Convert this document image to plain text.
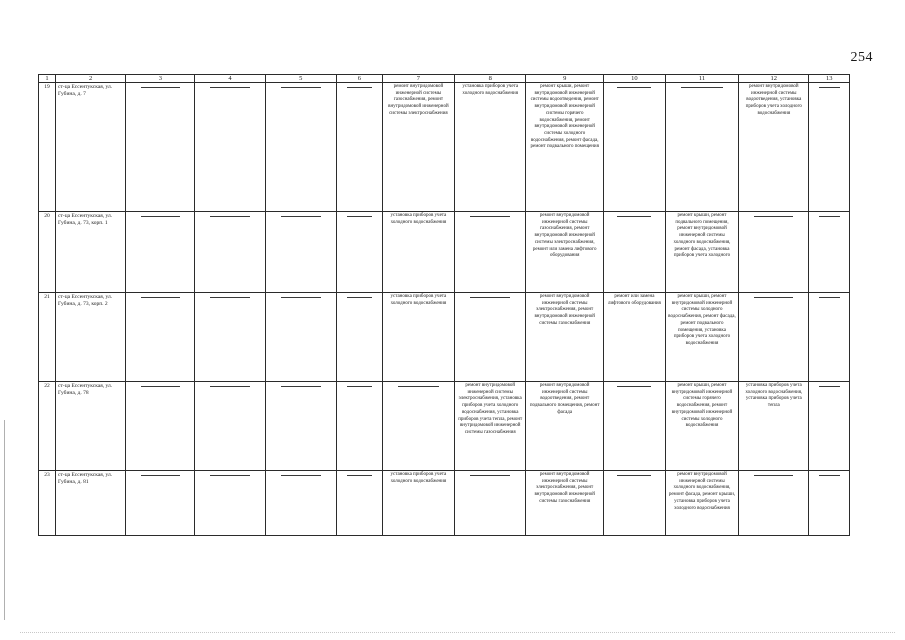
254
1	2	3	4	5	6	7	8	9	10	11	12	13
19	ст-ца Ессентукская, ул. Губина, д. 7					ремонт внутридомовой инженерной системы газоснабжения, ремонт внутридомовой инженерной системы электроснабжения	установка приборов учета холодного водоснабжения	ремонт крыши, ремонт внутридомовой инженерной системы водоотведения, ремонт внутридомовой инженерной системы горячего водоснабжения, ремонт внутридомовой инженерной системы холодного водоснабжения, ремонт фасада, ремонт подвального помещения			ремонт внутридомовой инженерной системы водоотведения, установка приборов учета холодного водоснабжения	

20	ст-ца Ессентукская, ул. Губина, д. 73, корп. 1					установка приборов учета холодного водоснабжения		ремонт внутридомовой инженерной системы газоснабжения, ремонт внутридомовой инженерной системы электроснабжения, ремонт или замена лифтового оборудования		ремонт крыши, ремонт подвального помещения, ремонт внутридомовой инженерной системы холодного водоснабжения, ремонт фасада, установка приборов учета холодного	

21	ст-ца Ессентукская, ул. Губина, д. 73, корп. 2					установка приборов учета холодного водоснабжения		ремонт внутридомовой инженерной системы электроснабжения, ремонт внутридомовой инженерной системы газоснабжения	ремонт или замена лифтового оборудования	ремонт крыши, ремонт внутридомовой инженерной системы холодного водоснабжения, ремонт фасада, ремонт подвального помещения, установка приборов учета холодного водоснабжения	

22	ст-ца Ессентукская, ул. Губина, д. 78						ремонт внутридомовой инженерной системы электроснабжения, установка приборов учета холодного водоснабжения, установка приборов учета тепла, ремонт внутридомовой инженерной системы газоснабжения	ремонт внутридомовой инженерной системы водоотведения, ремонт подвального помещения, ремонт фасада		ремонт крыши, ремонт внутридомовой инженерной системы горячего водоснабжения, ремонт внутридомовой инженерной системы холодного водоснабжения	установка приборов учета холодного водоснабжения, установка приборов учета тепла	

23	ст-ца Ессентукская, ул. Губина, д. 81					установка приборов учета холодного водоснабжения		ремонт внутридомовой инженерной системы электроснабжения, ремонт внутридомовой инженерной системы газоснабжения		ремонт внутридомовой инженерной системы холодного водоснабжения, ремонт фасада, ремонт крыши, установка приборов учета холодного водоснабжения	
